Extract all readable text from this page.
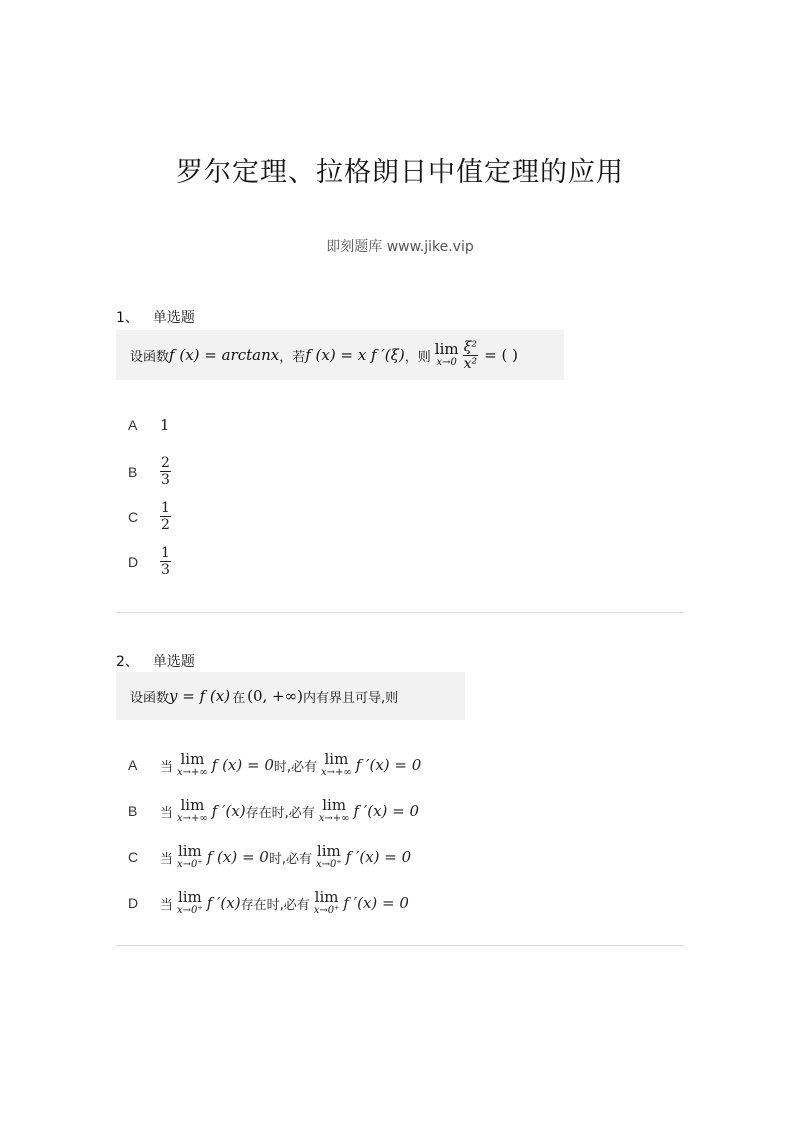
罗尔定理、拉格朗日中值定理的应用
即刻题库 www.jike.vip
1、 单选题
设函数 f (x) = arctanx ，若 f (x) = x f ′(ξ) ，则 lim
$x\to 0 \frac{\text{ξ²}}{\text{x²}}$ = ( )
A	1
B	$\frac{2}{3}$
C	$\frac{1}{2}$
D	$\frac{1}{3}$
2、 单选题
设函数 y = f (x) 在 (0, +∞) 内有界且可导,则
A	当 lim
x→+∞ f (x) = 0 时,必有 lim
x→+∞ f ′(x) = 0
B	当 lim
x→+∞ f ′(x) 存在时,必有 lim
x→+∞ f ′(x) = 0
C	当 lim
x→0⁺ f (x) = 0 时,必有 lim
x→0⁺ f ′(x) = 0
D	当 lim
x→0⁺ f ′(x) 存在时,必有 lim
x→0⁺ f ′(x) = 0
